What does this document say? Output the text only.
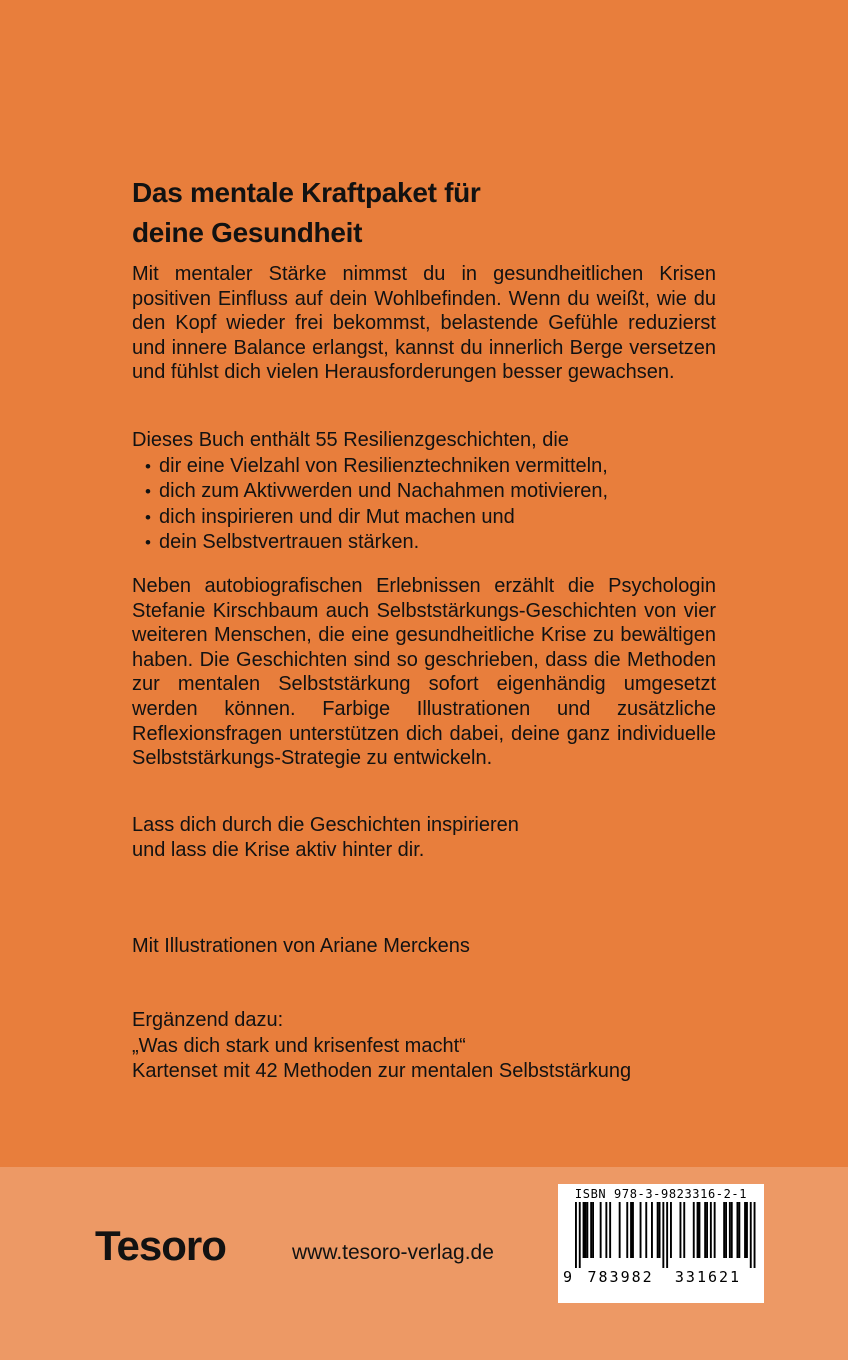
Das mentale Kraftpaket für
deine Gesundheit

Mit mentaler Stärke nimmst du in gesundheitlichen Krisen positiven Einfluss auf dein Wohlbefinden. Wenn du weißt, wie du den Kopf wieder frei bekommst, belastende Gefühle reduzierst und innere Balance erlangst, kannst du innerlich Berge versetzen und fühlst dich vielen Herausforderungen besser gewachsen.

Dieses Buch enthält 55 Resilienzgeschichten, die

• dir eine Vielzahl von Resilienztechniken vermitteln,
• dich zum Aktivwerden und Nachahmen motivieren,
• dich inspirieren und dir Mut machen und
• dein Selbstvertrauen stärken.

Neben autobiografischen Erlebnissen erzählt die Psychologin Stefanie Kirschbaum auch Selbststärkungs-Geschichten von vier weiteren Menschen, die eine gesundheitliche Krise zu bewältigen haben. Die Geschichten sind so geschrieben, dass die Methoden zur mentalen Selbststärkung sofort eigenhändig umgesetzt werden können. Farbige Illustrationen und zusätzliche Reflexionsfragen unterstützen dich dabei, deine ganz individuelle Selbststärkungs-Strategie zu entwickeln.

Lass dich durch die Geschichten inspirieren
und lass die Krise aktiv hinter dir.

Mit Illustrationen von Ariane Merckens

Ergänzend dazu:
„Was dich stark und krisenfest macht“
Kartenset mit 42 Methoden zur mentalen Selbststärkung

Tesoro	www.tesoro-verlag.de
ISBN 978-3-9823316-2-1
9 783982 331621
